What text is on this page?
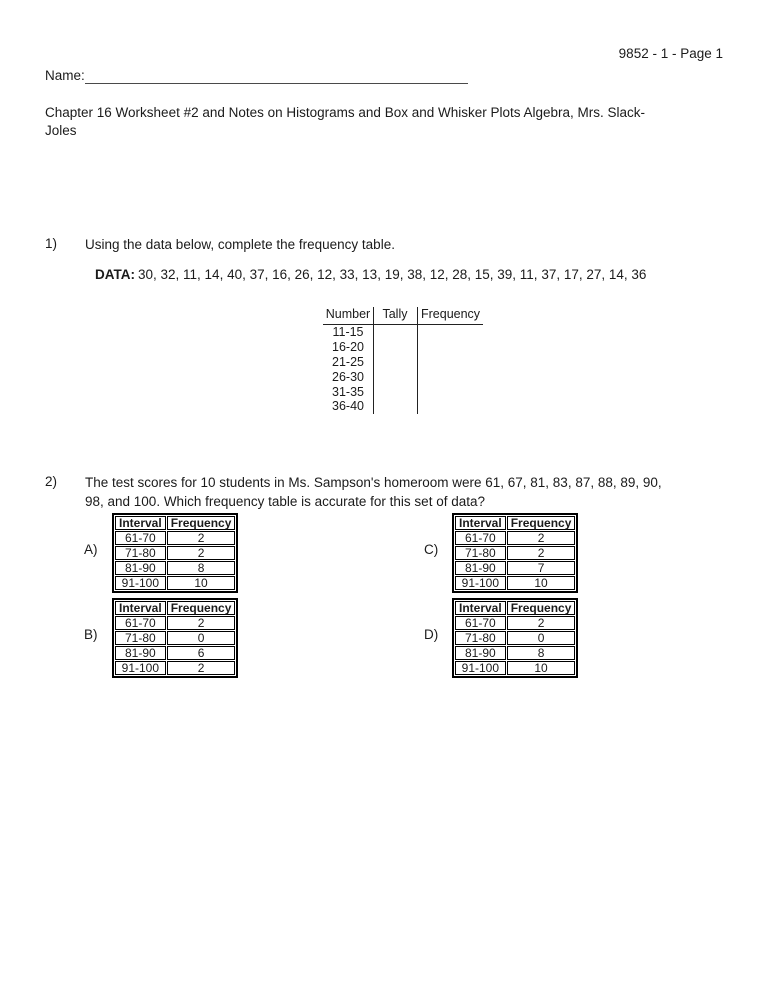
9852 - 1 - Page 1
Name:
Chapter 16 Worksheet #2 and Notes on Histograms and Box and Whisker Plots Algebra, Mrs. Slack-
Joles
1) Using the data below, complete the frequency table.
DATA: 30, 32, 11, 14, 40, 37, 16, 26, 12, 33, 13, 19, 38, 12, 28, 15, 39, 11, 37, 17, 27, 14, 36
Number Tally	Frequency
11-15
16-20
21-25
26-30
31-35
36-40
2) The test scores for 10 students in Ms. Sampson's homeroom were 61, 67, 81, 83, 87, 88, 89, 90,
98, and 100. Which frequency table is accurate for this set of data?
A)
Interval	Frequency
61-70	2
71-80	2
81-90	8
91-100	10
B)
Interval	Frequency
61-70	2
71-80	0
81-90	6
91-100	2
C)
Interval	Frequency
61-70	2
71-80	2
81-90	7
91-100	10
D)
Interval	Frequency
61-70	2
71-80	0
81-90	8
91-100	10
